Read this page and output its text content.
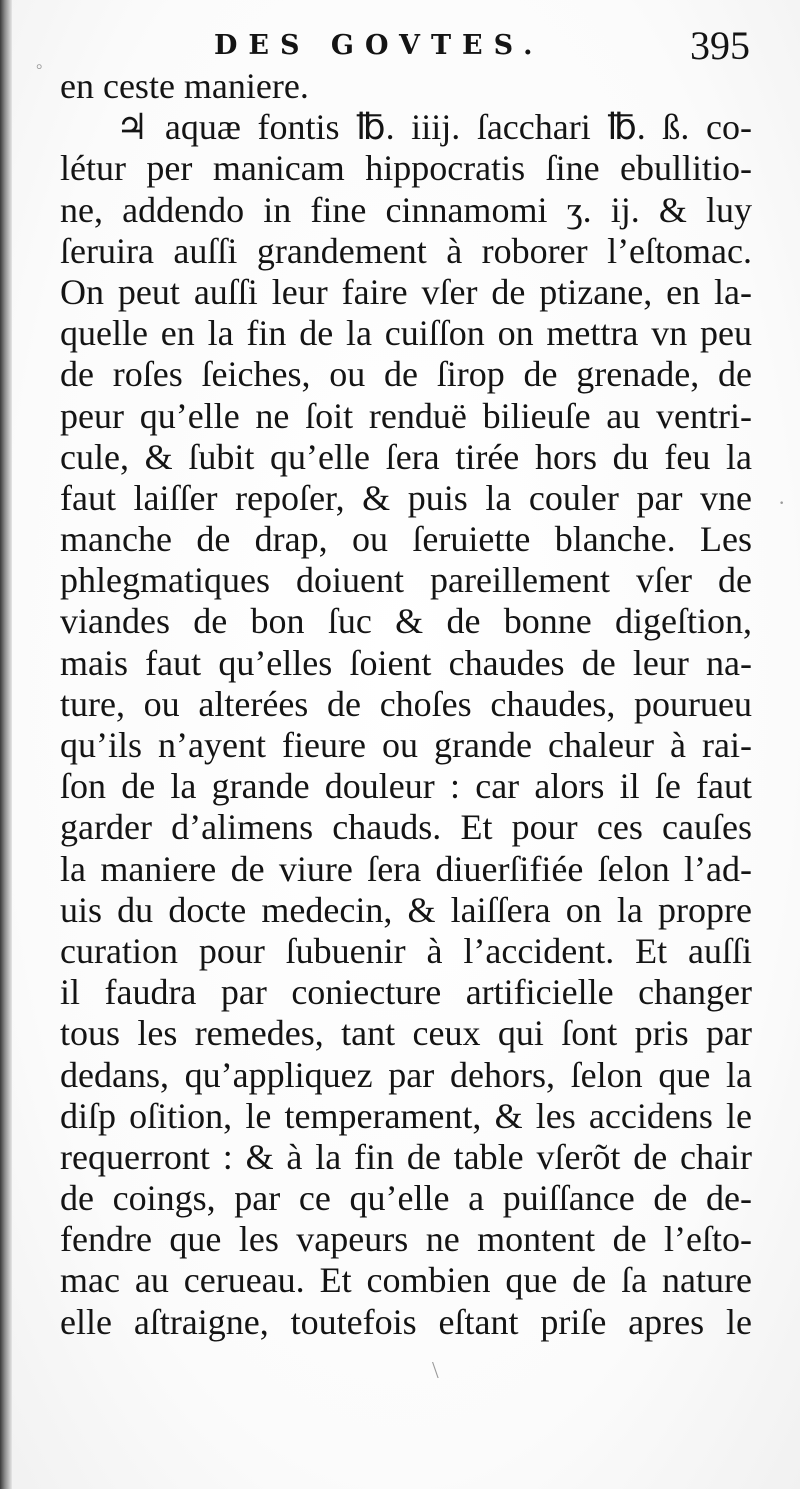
DES GOVTES.	395
en ceste maniere.
♃ aquæ fontis ℔. iiij. ſacchari ℔. ß. co-
létur per manicam hippocratis ſine ebullitio-
ne, addendo in fine cinnamomi ʒ. ij. & luy
ſeruira auſſi grandement à roborer l’eſtomac.
On peut auſſi leur faire vſer de ptizane, en la-
quelle en la fin de la cuiſſon on mettra vn peu
de roſes ſeiches, ou de ſirop de grenade, de
peur qu’elle ne ſoit renduë bilieuſe au ventri-
cule, & ſubit qu’elle ſera tirée hors du feu la
faut laiſſer repoſer, & puis la couler par vne
manche de drap, ou ſeruiette blanche. Les
phlegmatiques doiuent pareillement vſer de
viandes de bon ſuc & de bonne digeſtion,
mais faut qu’elles ſoient chaudes de leur na-
ture, ou alterées de choſes chaudes, pourueu
qu’ils n’ayent fieure ou grande chaleur à rai-
ſon de la grande douleur : car alors il ſe faut
garder d’alimens chauds. Et pour ces cauſes
la maniere de viure ſera diuerſifiée ſelon l’ad-
uis du docte medecin, & laiſſera on la propre
curation pour ſubuenir à l’accident. Et auſſi
il faudra par coniecture artificielle changer
tous les remedes, tant ceux qui ſont pris par
dedans, qu’appliquez par dehors, ſelon que la
diſp oſition, le temperament, & les accidens le
requerront : & à la fin de table vſerõt de chair
de coings, par ce qu’elle a puiſſance de de-
fendre que les vapeurs ne montent de l’eſto-
mac au cerueau. Et combien que de ſa nature
elle aſtraigne, toutefois eſtant priſe apres le
°
·
\
